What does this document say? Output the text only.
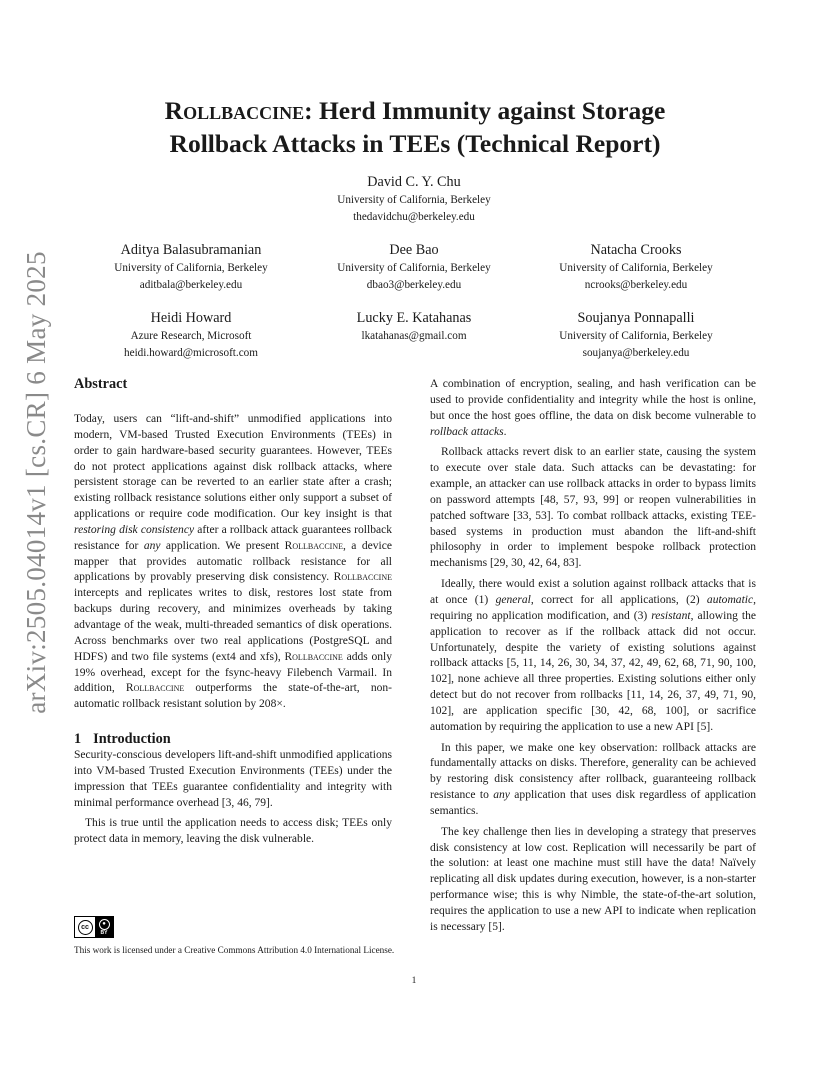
arXiv:2505.04014v1 [cs.CR] 6 May 2025
Rollbaccine: Herd Immunity against Storage
Rollback Attacks in TEEs (Technical Report)
David C. Y. Chu
University of California, Berkeley
thedavidchu@berkeley.edu
Aditya Balasubramanian
University of California, Berkeley
aditbala@berkeley.edu
Dee Bao
University of California, Berkeley
dbao3@berkeley.edu
Natacha Crooks
University of California, Berkeley
ncrooks@berkeley.edu
Heidi Howard
Azure Research, Microsoft
heidi.howard@microsoft.com
Lucky E. Katahanas
lkatahanas@gmail.com
Soujanya Ponnapalli
University of California, Berkeley
soujanya@berkeley.edu
Abstract

Today, users can “lift-and-shift” unmodified applications into modern, VM-based Trusted Execution Environments (TEEs) in order to gain hardware-based security guarantees. However, TEEs do not protect applications against disk rollback attacks, where persistent storage can be reverted to an earlier state after a crash; existing rollback resistance solutions either only support a subset of applications or require code modification. Our key insight is that restoring disk consistency after a rollback attack guarantees rollback resistance for any application. We present Rollbaccine, a device mapper that provides automatic rollback resistance for all applications by provably preserving disk consistency. Rollbaccine intercepts and replicates writes to disk, restores lost state from backups during recovery, and minimizes overheads by taking advantage of the weak, multi-threaded semantics of disk operations. Across benchmarks over two real applications (PostgreSQL and HDFS) and two file systems (ext4 and xfs), Rollbaccine adds only 19% overhead, except for the fsync-heavy Filebench Varmail. In addition, Rollbaccine outperforms the state-of-the-art, non-automatic rollback resistant solution by 208×.

1 Introduction

Security-conscious developers lift-and-shift unmodified applications into VM-based Trusted Execution Environments (TEEs) under the impression that TEEs guarantee confidentiality and integrity with minimal performance overhead [3, 46, 79].

This is true until the application needs to access disk; TEEs only protect data in memory, leaving the disk vulnerable.

cc	●
BY
This work is licensed under a Creative Commons Attribution 4.0 International License.

A combination of encryption, sealing, and hash verification can be used to provide confidentiality and integrity while the host is online, but once the host goes offline, the data on disk become vulnerable to rollback attacks.

Rollback attacks revert disk to an earlier state, causing the system to execute over stale data. Such attacks can be devastating: for example, an attacker can use rollback attacks in order to bypass limits on password attempts [48, 57, 93, 99] or reopen vulnerabilities in patched software [33, 53]. To combat rollback attacks, existing TEE-based systems in production must abandon the lift-and-shift philosophy in order to implement bespoke rollback protection mechanisms [29, 30, 42, 64, 83].

Ideally, there would exist a solution against rollback attacks that is at once (1) general, correct for all applications, (2) automatic, requiring no application modification, and (3) resistant, allowing the application to recover as if the rollback attack did not occur. Unfortunately, despite the variety of existing solutions against rollback attacks [5, 11, 14, 26, 30, 34, 37, 42, 49, 62, 68, 71, 90, 100, 102], none achieve all three properties. Existing solutions either only detect but do not recover from rollbacks [11, 14, 26, 37, 49, 71, 90, 102], are application specific [30, 42, 68, 100], or sacrifice automation by requiring the application to use a new API [5].

In this paper, we make one key observation: rollback attacks are fundamentally attacks on disks. Therefore, generality can be achieved by restoring disk consistency after rollback, guaranteeing rollback resistance to any application that uses disk regardless of application semantics.

The key challenge then lies in developing a strategy that preserves disk consistency at low cost. Replication will necessarily be part of the solution: at least one machine must still have the data! Naïvely replicating all disk updates during execution, however, is a non-starter performance wise; this is why Nimble, the state-of-the-art solution, requires the application to use a new API to indicate when replication is necessary [5].

1
